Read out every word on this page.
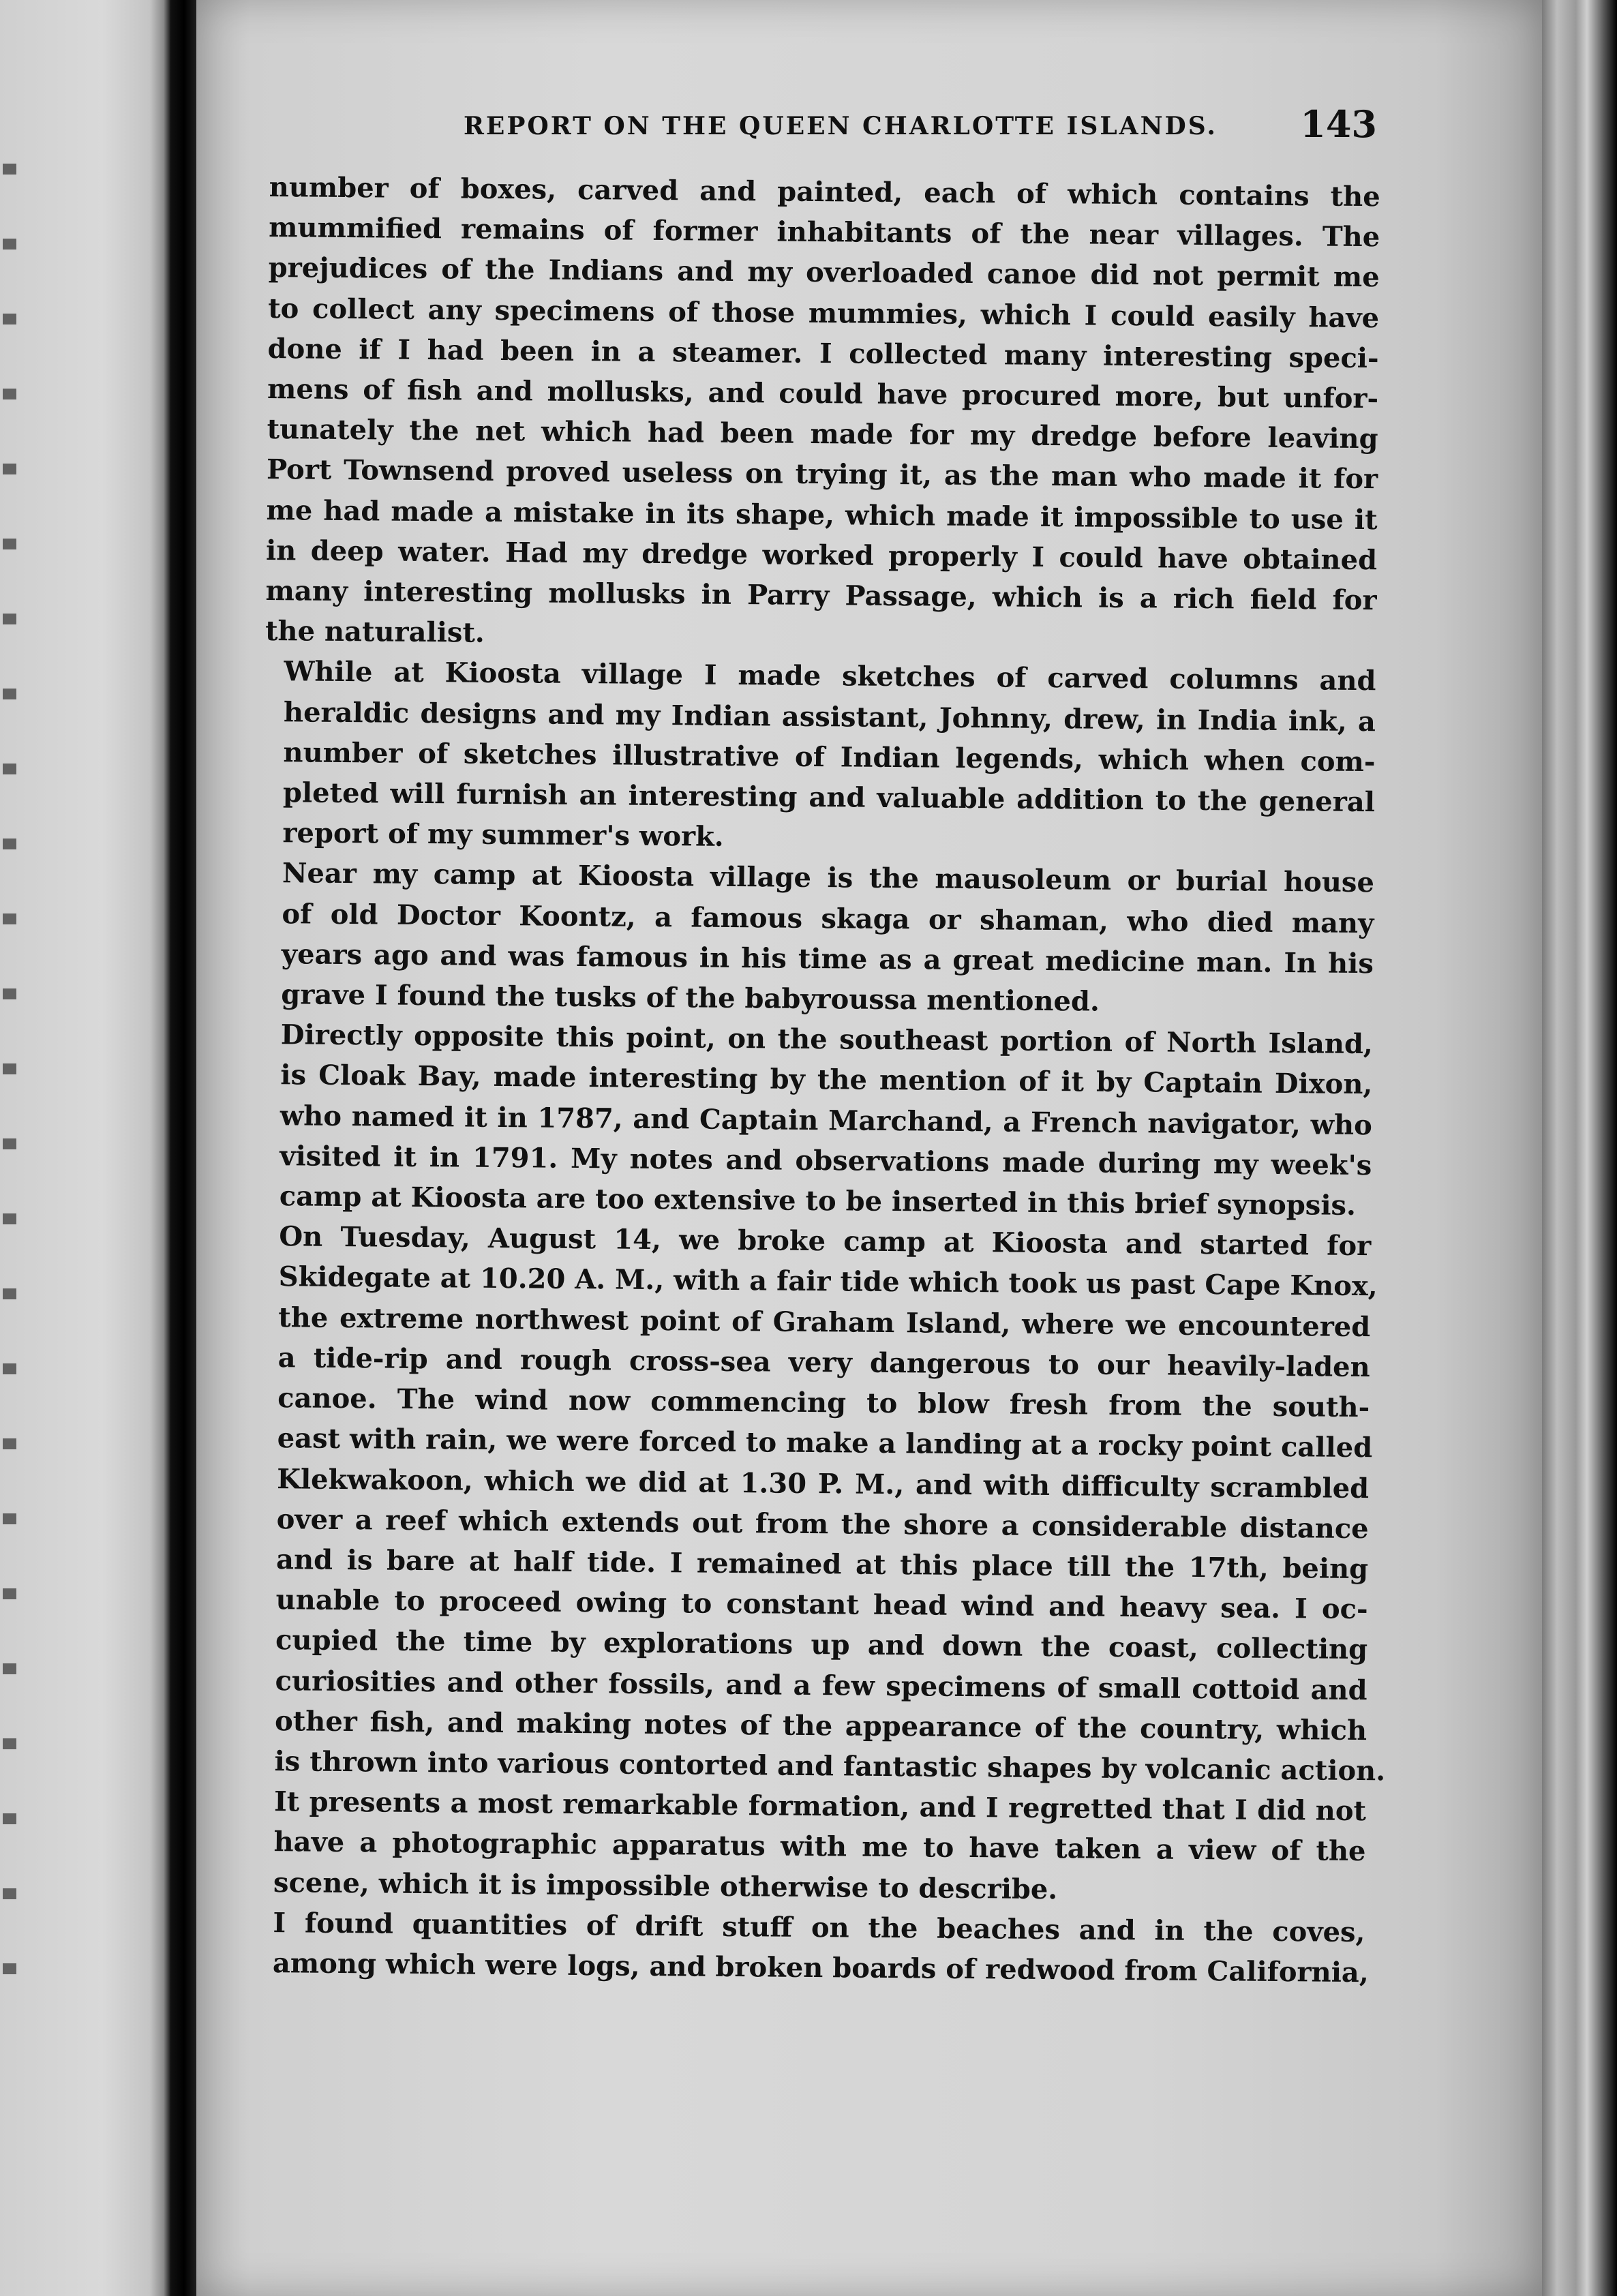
REPORT ON THE QUEEN CHARLOTTE ISLANDS. 143

number of boxes, carved and painted, each of which contains the
mummified remains of former inhabitants of the near villages. The
prejudices of the Indians and my overloaded canoe did not permit me
to collect any specimens of those mummies, which I could easily have
done if I had been in a steamer. I collected many interesting speci-
mens of fish and mollusks, and could have procured more, but unfor-
tunately the net which had been made for my dredge before leaving
Port Townsend proved useless on trying it, as the man who made it for
me had made a mistake in its shape, which made it impossible to use it
in deep water. Had my dredge worked properly I could have obtained
many interesting mollusks in Parry Passage, which is a rich field for
the naturalist.

While at Kioosta village I made sketches of carved columns and
heraldic designs and my Indian assistant, Johnny, drew, in India ink, a
number of sketches illustrative of Indian legends, which when com-
pleted will furnish an interesting and valuable addition to the general
report of my summer's work.

Near my camp at Kioosta village is the mausoleum or burial house
of old Doctor Koontz, a famous skaga or shaman, who died many
years ago and was famous in his time as a great medicine man. In his
grave I found the tusks of the babyroussa mentioned.

Directly opposite this point, on the southeast portion of North Island,
is Cloak Bay, made interesting by the mention of it by Captain Dixon,
who named it in 1787, and Captain Marchand, a French navigator, who
visited it in 1791. My notes and observations made during my week's
camp at Kioosta are too extensive to be inserted in this brief synopsis.

On Tuesday, August 14, we broke camp at Kioosta and started for
Skidegate at 10.20 A. M., with a fair tide which took us past Cape Knox,
the extreme northwest point of Graham Island, where we encountered
a tide-rip and rough cross-sea very dangerous to our heavily-laden
canoe. The wind now commencing to blow fresh from the south-
east with rain, we were forced to make a landing at a rocky point called
Klekwakoon, which we did at 1.30 P. M., and with difficulty scrambled
over a reef which extends out from the shore a considerable distance
and is bare at half tide. I remained at this place till the 17th, being
unable to proceed owing to constant head wind and heavy sea. I oc-
cupied the time by explorations up and down the coast, collecting
curiosities and other fossils, and a few specimens of small cottoid and
other fish, and making notes of the appearance of the country, which
is thrown into various contorted and fantastic shapes by volcanic action.
It presents a most remarkable formation, and I regretted that I did not
have a photographic apparatus with me to have taken a view of the
scene, which it is impossible otherwise to describe.

I found quantities of drift stuff on the beaches and in the coves,
among which were logs, and broken boards of redwood from California,
